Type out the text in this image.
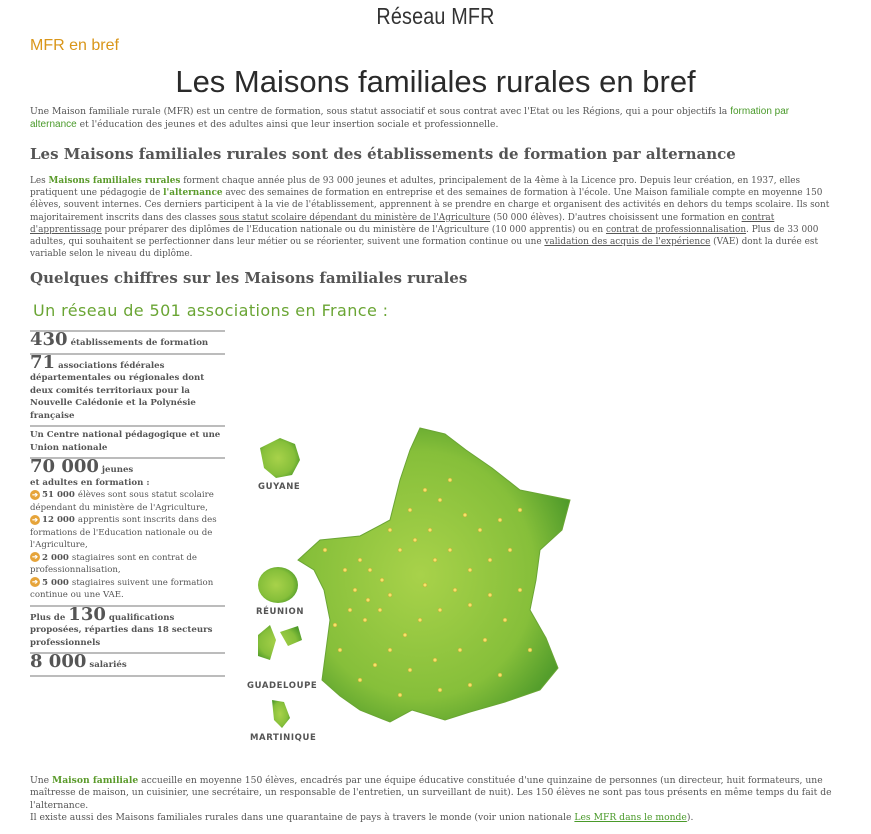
Réseau MFR
MFR en bref
Les Maisons familiales rurales en bref
Une Maison familiale rurale (MFR) est un centre de formation, sous statut associatif et sous contrat avec l'Etat ou les Régions, qui a pour objectifs la formation par alternance et l'éducation des jeunes et des adultes ainsi que leur insertion sociale et professionnelle.
Les Maisons familiales rurales sont des établissements de formation par alternance
Les Maisons familiales rurales forment chaque année plus de 93 000 jeunes et adultes, principalement de la 4ème à la Licence pro. Depuis leur création, en 1937, elles pratiquent une pédagogie de l'alternance avec des semaines de formation en entreprise et des semaines de formation à l'école. Une Maison familiale compte en moyenne 150 élèves, souvent internes. Ces derniers participent à la vie de l'établissement, apprennent à se prendre en charge et organisent des activités en dehors du temps scolaire. Ils sont majoritairement inscrits dans des classes sous statut scolaire dépendant du ministère de l'Agriculture (50 000 élèves). D'autres choisissent une formation en contrat d'apprentissage pour préparer des diplômes de l'Education nationale ou du ministère de l'Agriculture (10 000 apprentis) ou en contrat de professionnalisation. Plus de 33 000 adultes, qui souhaitent se perfectionner dans leur métier ou se réorienter, suivent une formation continue ou une validation des acquis de l'expérience (VAE) dont la durée est variable selon le niveau du diplôme.
Quelques chiffres sur les Maisons familiales rurales
Un réseau de 501 associations en France :
430 établissements de formation
71 associations fédérales départementales ou régionales dont deux comités territoriaux pour la Nouvelle Calédonie et la Polynésie française
Un Centre national pédagogique et une Union nationale
70 000 jeunes
et adultes en formation :
➔ 51 000 élèves sont sous statut scolaire dépendant du ministère de l'Agriculture,
➔ 12 000 apprentis sont inscrits dans des formations de l'Education nationale ou de l'Agriculture,
➔ 2 000 stagiaires sont en contrat de professionnalisation,
➔ 5 000 stagiaires suivent une formation continue ou une VAE.
Plus de 130 qualifications proposées, réparties dans 18 secteurs professionnels
8 000 salariés
GUYANE
RÉUNION
GUADELOUPE
MARTINIQUE
Une Maison familiale accueille en moyenne 150 élèves, encadrés par une équipe éducative constituée d'une quinzaine de personnes (un directeur, huit formateurs, une maîtresse de maison, un cuisinier, une secrétaire, un responsable de l'entretien, un surveillant de nuit). Les 150 élèves ne sont pas tous présents en même temps du fait de l'alternance.
Il existe aussi des Maisons familiales rurales dans une quarantaine de pays à travers le monde (voir union nationale Les MFR dans le monde).
